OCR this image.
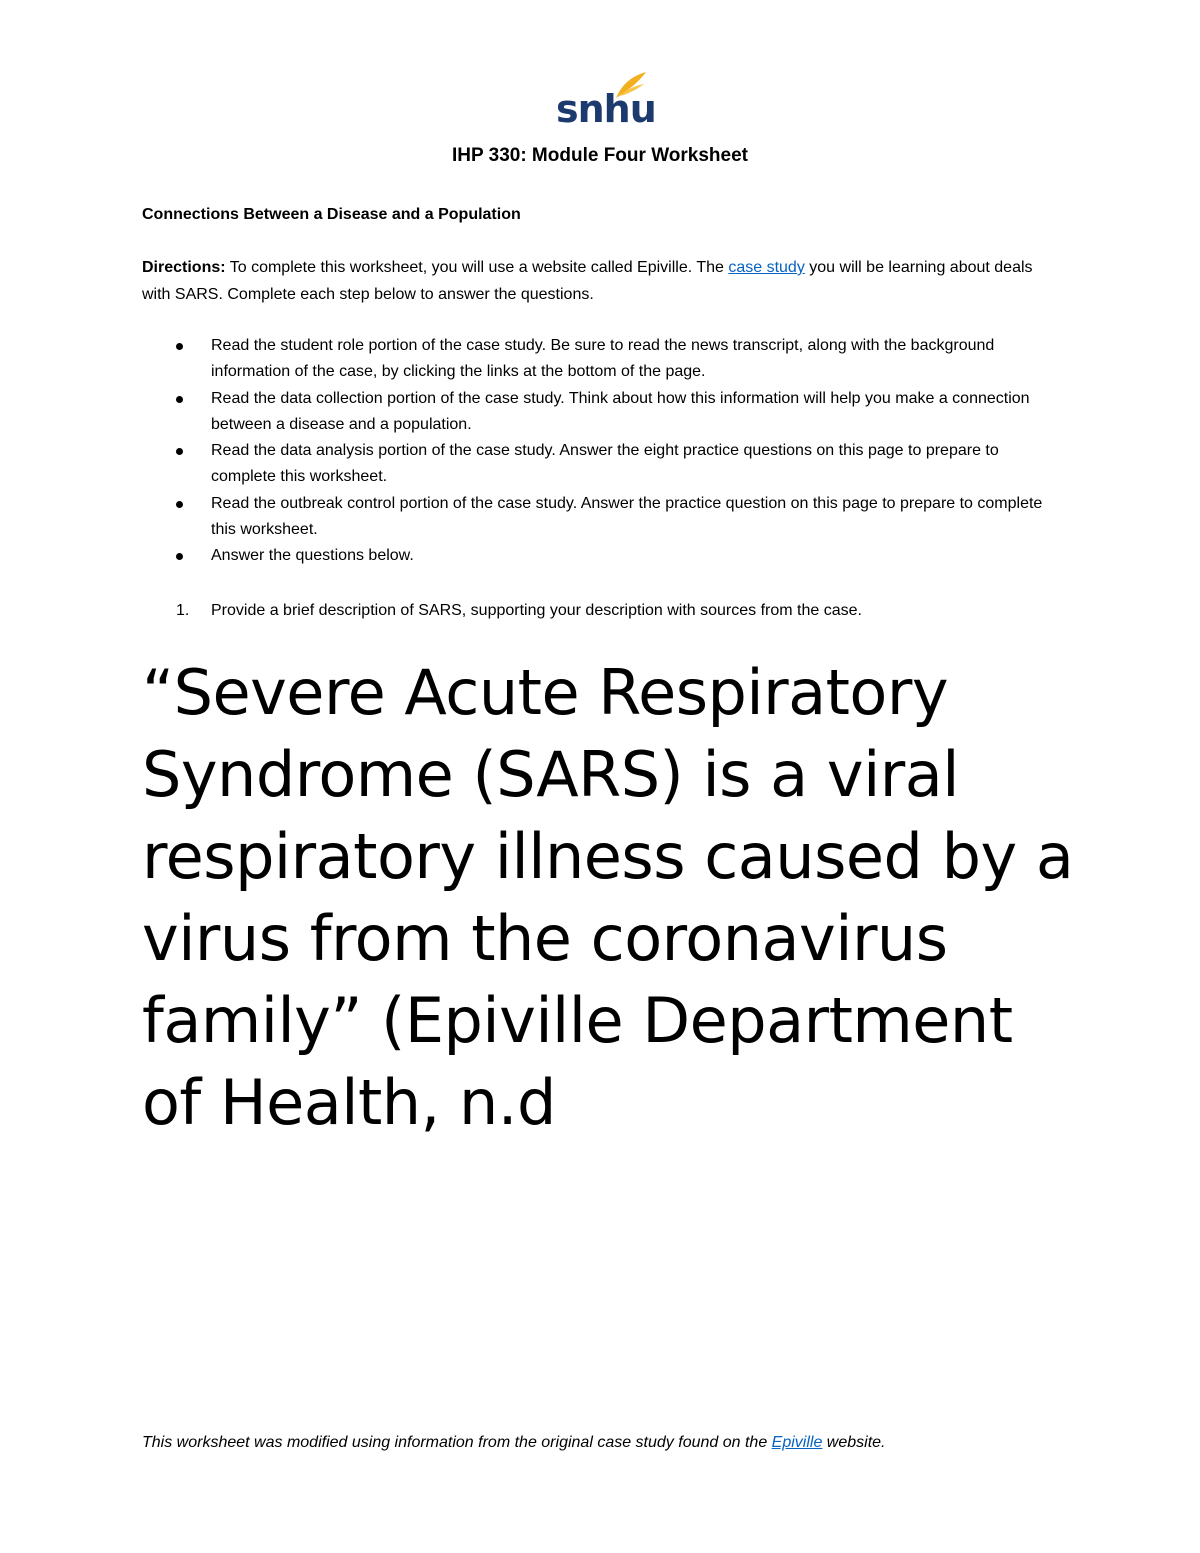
snhu
IHP 330: Module Four Worksheet
Connections Between a Disease and a Population
Directions: To complete this worksheet, you will use a website called Epiville. The case study you will be learning about deals with SARS. Complete each step below to answer the questions.
Read the student role portion of the case study. Be sure to read the news transcript, along with the background information of the case, by clicking the links at the bottom of the page.
Read the data collection portion of the case study. Think about how this information will help you make a connection between a disease and a population.
Read the data analysis portion of the case study. Answer the eight practice questions on this page to prepare to complete this worksheet.
Read the outbreak control portion of the case study. Answer the practice question on this page to prepare to complete this worksheet.
Answer the questions below.
1. Provide a brief description of SARS, supporting your description with sources from the case.
“Severe Acute Respiratory Syndrome (SARS) is a viral respiratory illness caused by a virus from the coronavirus family” (Epiville Department of Health, n.d
This worksheet was modified using information from the original case study found on the Epiville website.
